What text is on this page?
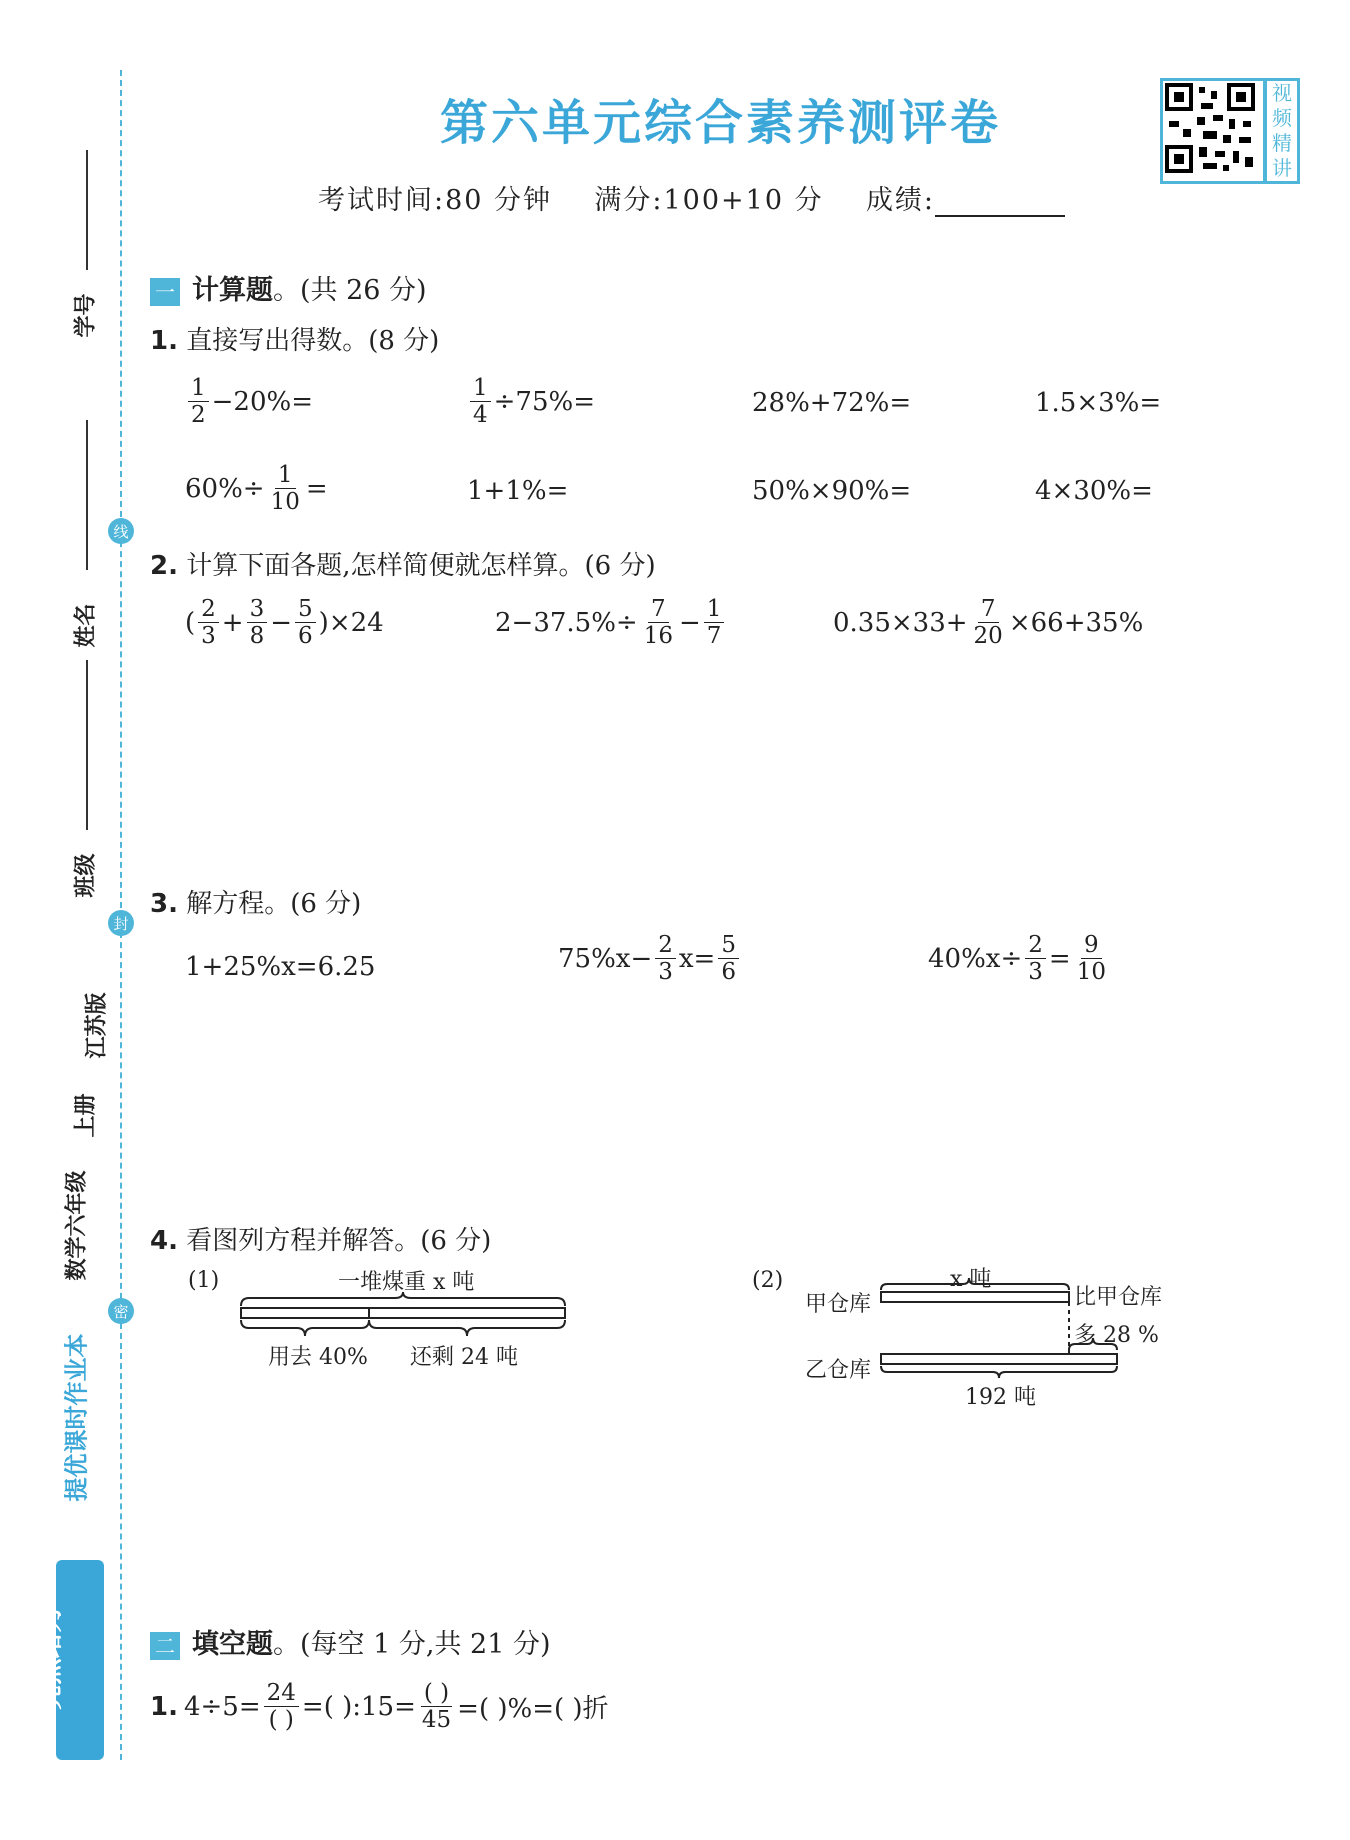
学号
姓名
班级
江苏版
上册
数学六年级
提优课时作业本
线
封
密
亮点给力
第六单元综合素养测评卷
考试时间:80 分钟 满分:100+10 分 成绩:
视
频
精
讲
一 计算题。(共 26 分)
1. 直接写出得数。(8 分)
$\frac{1}{2} -20\%=$	$\frac{1}{4} \div 75\%=$	28%+72%=	1.5×3%=
$60\%\div \frac{1}{10}$ =	1+1%=	50%×90%=	4×30%=
2. 计算下面各题,怎样简便就怎样算。(6 分)
( $\frac{2}{3} + \frac{3}{8} - \frac{5}{6} )\times 24$	$2-37.5\%\div \frac{7}{16} - \frac{1}{7}$	$0.35\times 33+ \frac{7}{20} \times 66+35\%$
3. 解方程。(6 分)
1+25%x=6.25	$75\%x- \frac{2}{3} x= \frac{5}{6}$	$40\%x\div \frac{2}{3} = \frac{9}{10}$
4. 看图列方程并解答。(6 分)
(1)	一堆煤重 x 吨
用去 40% 还剩 24 吨
(2)	x 吨
甲仓库	比甲仓库
多 28 %
乙仓库
192 吨
二 填空题。(每空 1 分,共 21 分)
1. $4\div 5= \frac{24}{( )}$ =( ):15= $\frac{( )}{45}$ =( )%=( )折
